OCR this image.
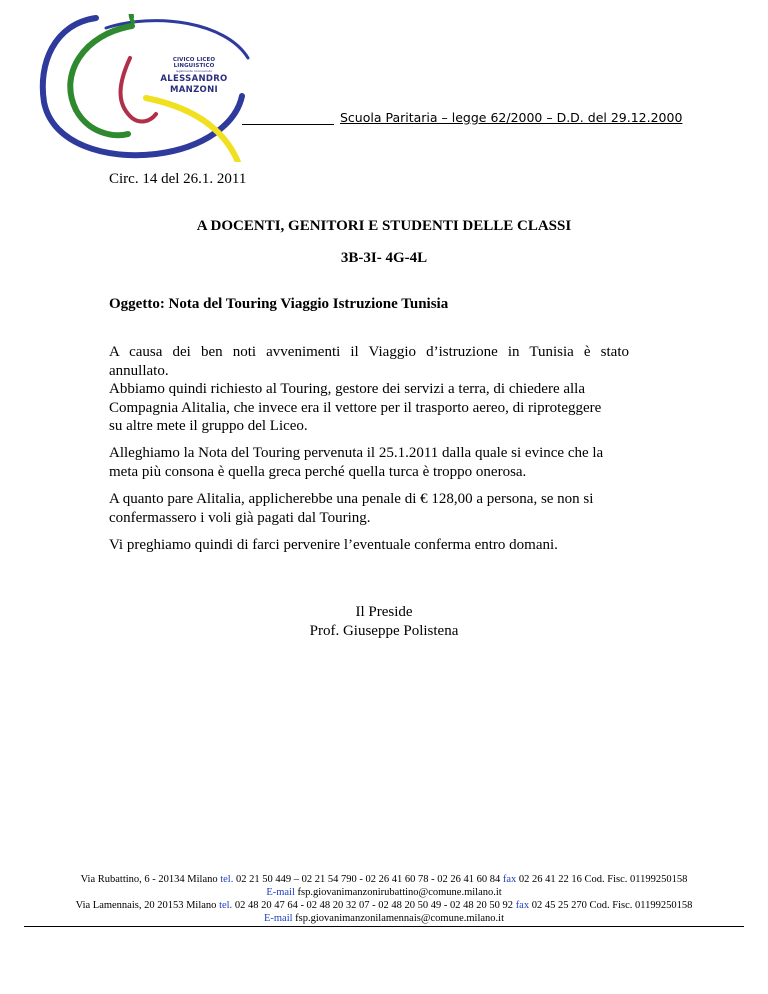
CIVICO LICEO LINGUISTICO
legalmente riconosciuto
ALESSANDRO
MANZONI
Scuola Paritaria – legge 62/2000 – D.D. del 29.12.2000
Circ. 14 del 26.1. 2011
A DOCENTI, GENITORI E STUDENTI DELLE CLASSI
3B-3I- 4G-4L
Oggetto: Nota del Touring Viaggio Istruzione Tunisia
A causa dei ben noti avvenimenti il Viaggio d’istruzione in Tunisia è stato
annullato.
Abbiamo quindi richiesto al Touring, gestore dei servizi a terra, di chiedere alla
Compagnia Alitalia, che invece era il vettore per il trasporto aereo, di riproteggere
su altre mete il gruppo del Liceo.
Alleghiamo la Nota del Touring pervenuta il 25.1.2011 dalla quale si evince che la
meta più consona è quella greca perché quella turca è troppo onerosa.
A quanto pare Alitalia, applicherebbe una penale di € 128,00 a persona, se non si
confermassero i voli già pagati dal Touring.
Vi preghiamo quindi di farci pervenire l’eventuale conferma entro domani.
Il Preside
Prof. Giuseppe Polistena
Via Rubattino, 6 - 20134 Milano tel. 02 21 50 449 – 02 21 54 790 - 02 26 41 60 78 - 02 26 41 60 84 fax 02 26 41 22 16 Cod. Fisc. 01199250158
E-mail fsp.giovanimanzonirubattino@comune.milano.it
Via Lamennais, 20 20153 Milano tel. 02 48 20 47 64 - 02 48 20 32 07 - 02 48 20 50 49 - 02 48 20 50 92 fax 02 45 25 270 Cod. Fisc. 01199250158
E-mail fsp.giovanimanzonilamennais@comune.milano.it
